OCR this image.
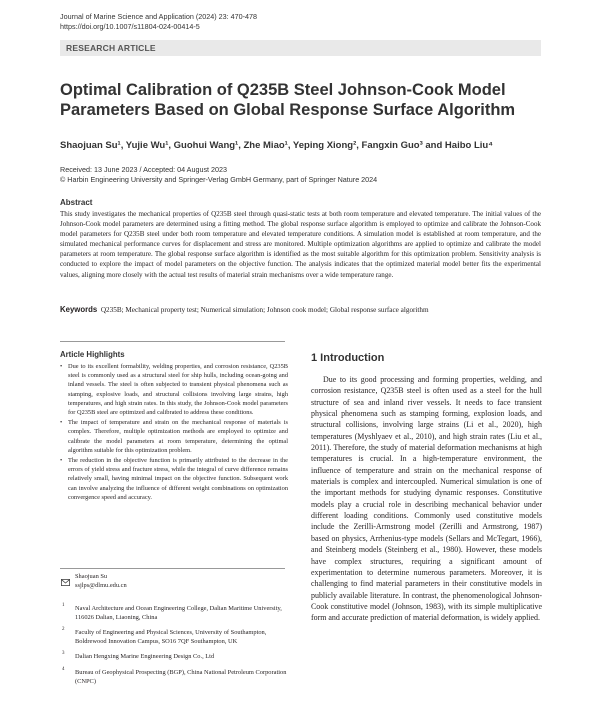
Journal of Marine Science and Application (2024) 23: 470-478
https://doi.org/10.1007/s11804-024-00414-5
RESEARCH ARTICLE
Optimal Calibration of Q235B Steel Johnson-Cook Model Parameters Based on Global Response Surface Algorithm
Shaojuan Su¹, Yujie Wu¹, Guohui Wang¹, Zhe Miao¹, Yeping Xiong², Fangxin Guo³ and Haibo Liu⁴
Received: 13 June 2023 / Accepted: 04 August 2023
© Harbin Engineering University and Springer-Verlag GmbH Germany, part of Springer Nature 2024
Abstract
This study investigates the mechanical properties of Q235B steel through quasi-static tests at both room temperature and elevated temperature. The initial values of the Johnson-Cook model parameters are determined using a fitting method. The global response surface algorithm is employed to optimize and calibrate the Johnson-Cook model parameters for Q235B steel under both room temperature and elevated temperature conditions. A simulation model is established at room temperature, and the simulated mechanical performance curves for displacement and stress are monitored. Multiple optimization algorithms are applied to optimize and calibrate the model parameters at room temperature. The global response surface algorithm is identified as the most suitable algorithm for this optimization problem. Sensitivity analysis is conducted to explore the impact of model parameters on the objective function. The analysis indicates that the optimized material model better fits the experimental values, aligning more closely with the actual test results of material strain mechanisms over a wide temperature range.
Keywords Q235B; Mechanical property test; Numerical simulation; Johnson cook model; Global response surface algorithm
Article Highlights
• Due to its excellent formability, welding properties, and corrosion resistance, Q235B steel is commonly used as a structural steel for ship hulls, including ocean-going and inland vessels. The steel is often subjected to transient physical phenomena such as stamping, explosive loads, and structural collisions involving large strains, high temperatures, and high strain rates. In this study, the Johnson-Cook model parameters for Q235B steel are optimized and calibrated to address these conditions.
• The impact of temperature and strain on the mechanical response of materials is complex. Therefore, multiple optimization methods are employed to optimize and calibrate the model parameters at room temperature, determining the optimal algorithm suitable for this optimization problem.
• The reduction in the objective function is primarily attributed to the decrease in the errors of yield stress and fracture stress, while the integral of curve difference remains relatively small, having minimal impact on the objective function. Subsequent work can involve analyzing the influence of different weight combinations on optimization convergence speed and accuracy.
Shaojuan Su
ssjlps@dlmu.edu.cn
1 Naval Architecture and Ocean Engineering College, Dalian Maritime University, 116026 Dalian, Liaoning, China
2 Faculty of Engineering and Physical Sciences, University of Southampton, Boldrewood Innovation Campus, SO16 7QF Southampton, UK
3 Dalian Hengxing Marine Engineering Design Co., Ltd
4 Bureau of Geophysical Prospecting (BGP), China National Petroleum Corporation (CNPC)
1 Introduction

Due to its good processing and forming properties, welding, and corrosion resistance, Q235B steel is often used as a steel for the hull structure of sea and inland river vessels. It needs to face transient physical phenomena such as stamping forming, explosion loads, and structural collisions, involving large strains (Li et al., 2020), high temperatures (Myshlyaev et al., 2010), and high strain rates (Liu et al., 2011). Therefore, the study of material deformation mechanisms at high temperatures is crucial. In a high-temperature environment, the influence of temperature and strain on the mechanical response of materials is complex and intercoupled. Numerical simulation is one of the important methods for studying dynamic responses. Constitutive models play a crucial role in describing mechanical behavior under different loading conditions. Commonly used constitutive models include the Zerilli-Armstrong model (Zerilli and Armstrong, 1987) based on physics, Arrhenius-type models (Sellars and McTegart, 1966), and Steinberg models (Steinberg et al., 1980). However, these models have complex structures, requiring a significant amount of experimentation to determine numerous parameters. Moreover, it is challenging to find material parameters in their constitutive models in publicly available literature. In contrast, the phenomenological Johnson-Cook constitutive model (Johnson, 1983), with its simple multiplicative form and accurate prediction of material deformation, is widely applied.
